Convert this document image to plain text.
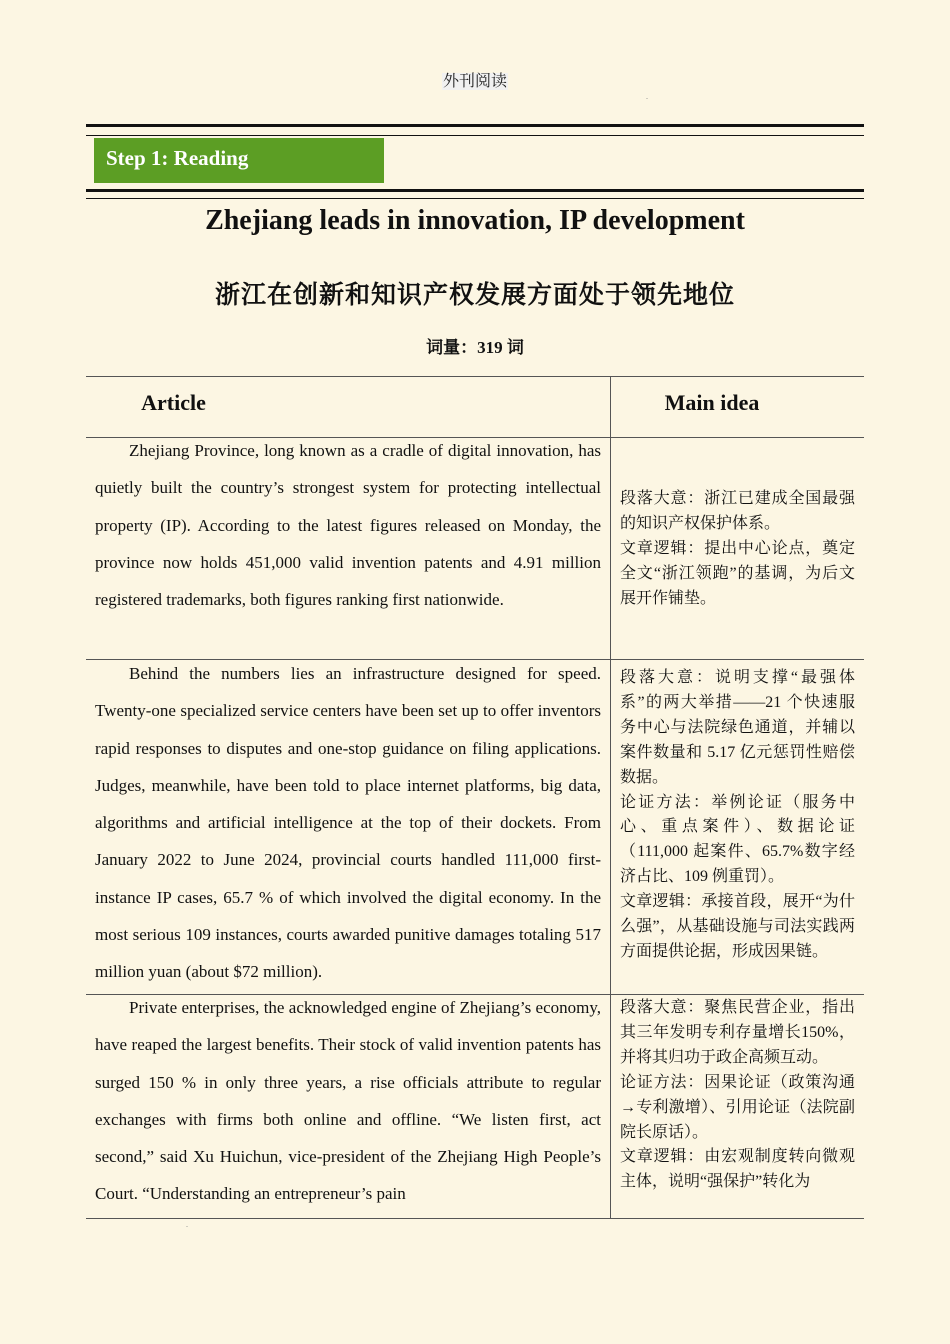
外刊阅读
.
Step 1: Reading
Zhejiang leads in innovation, IP development
浙江在创新和知识产权发展方面处于领先地位
词量：319 词
Article	Main idea
Zhejiang Province, long known as a cradle of digital innovation, has quietly built the country’s strongest system for protecting intellectual property (IP). According to the latest figures released on Monday, the province now holds 451,000 valid invention patents and 4.91 million registered trademarks, both figures ranking first nationwide.

段落大意：浙江已建成全国最强的知识产权保护体系。

文章逻辑：提出中心论点，奠定全文“浙江领跑”的基调，为后文展开作铺垫。

Behind the numbers lies an infrastructure designed for speed. Twenty-one specialized service centers have been set up to offer inventors rapid responses to disputes and one-stop guidance on filing applications. Judges, meanwhile, have been told to place internet platforms, big data, algorithms and artificial intelligence at the top of their dockets. From January 2022 to June 2024, provincial courts handled 111,000 first-instance IP cases, 65.7 % of which involved the digital economy. In the most serious 109 instances, courts awarded punitive damages totaling 517 million yuan (about $72 million).

段落大意：说明支撑“最强体系”的两大举措——21 个快速服务中心与法院绿色通道，并辅以案件数量和 5.17 亿元惩罚性赔偿数据。

论证方法：举例论证（服务中心、重点案件）、数据论证（111,000 起案件、65.7%数字经济占比、109 例重罚）。

文章逻辑：承接首段，展开“为什么强”，从基础设施与司法实践两方面提供论据，形成因果链。

Private enterprises, the acknowledged engine of Zhejiang’s economy, have reaped the largest benefits. Their stock of valid invention patents has surged 150 % in only three years, a rise officials attribute to regular exchanges with firms both online and offline. “We listen first, act second,” said Xu Huichun, vice-president of the Zhejiang High People’s Court. “Understanding an entrepreneur’s pain

段落大意：聚焦民营企业，指出其三年发明专利存量增长150%，并将其归功于政企高频互动。

论证方法：因果论证（政策沟通→专利激增）、引用论证（法院副院长原话）。

文章逻辑：由宏观制度转向微观主体，说明“强保护”转化为

.
